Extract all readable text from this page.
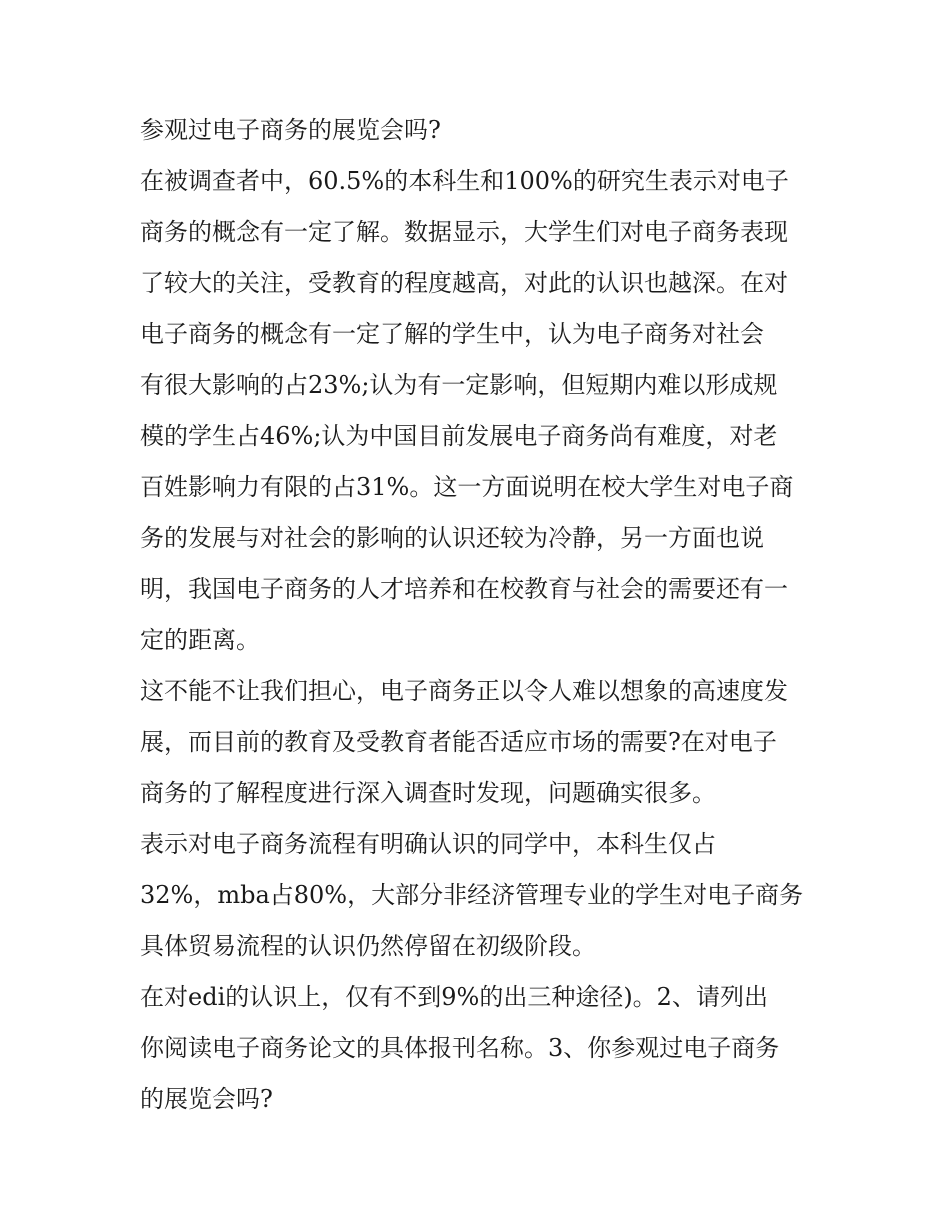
参观过电子商务的展览会吗?
在被调查者中，60.5%的本科生和100%的研究生表示对电子
商务的概念有一定了解。数据显示，大学生们对电子商务表现
了较大的关注，受教育的程度越高，对此的认识也越深。在对
电子商务的概念有一定了解的学生中，认为电子商务对社会
有很大影响的占23%;认为有一定影响，但短期内难以形成规
模的学生占46%;认为中国目前发展电子商务尚有难度，对老
百姓影响力有限的占31%。这一方面说明在校大学生对电子商
务的发展与对社会的影响的认识还较为冷静，另一方面也说
明，我国电子商务的人才培养和在校教育与社会的需要还有一
定的距离。
这不能不让我们担心，电子商务正以令人难以想象的高速度发
展，而目前的教育及受教育者能否适应市场的需要?在对电子
商务的了解程度进行深入调查时发现，问题确实很多。
表示对电子商务流程有明确认识的同学中，本科生仅占
32%，mba占80%，大部分非经济管理专业的学生对电子商务
具体贸易流程的认识仍然停留在初级阶段。
在对edi的认识上，仅有不到9%的出三种途径)。2、请列出
你阅读电子商务论文的具体报刊名称。3、你参观过电子商务
的展览会吗?
